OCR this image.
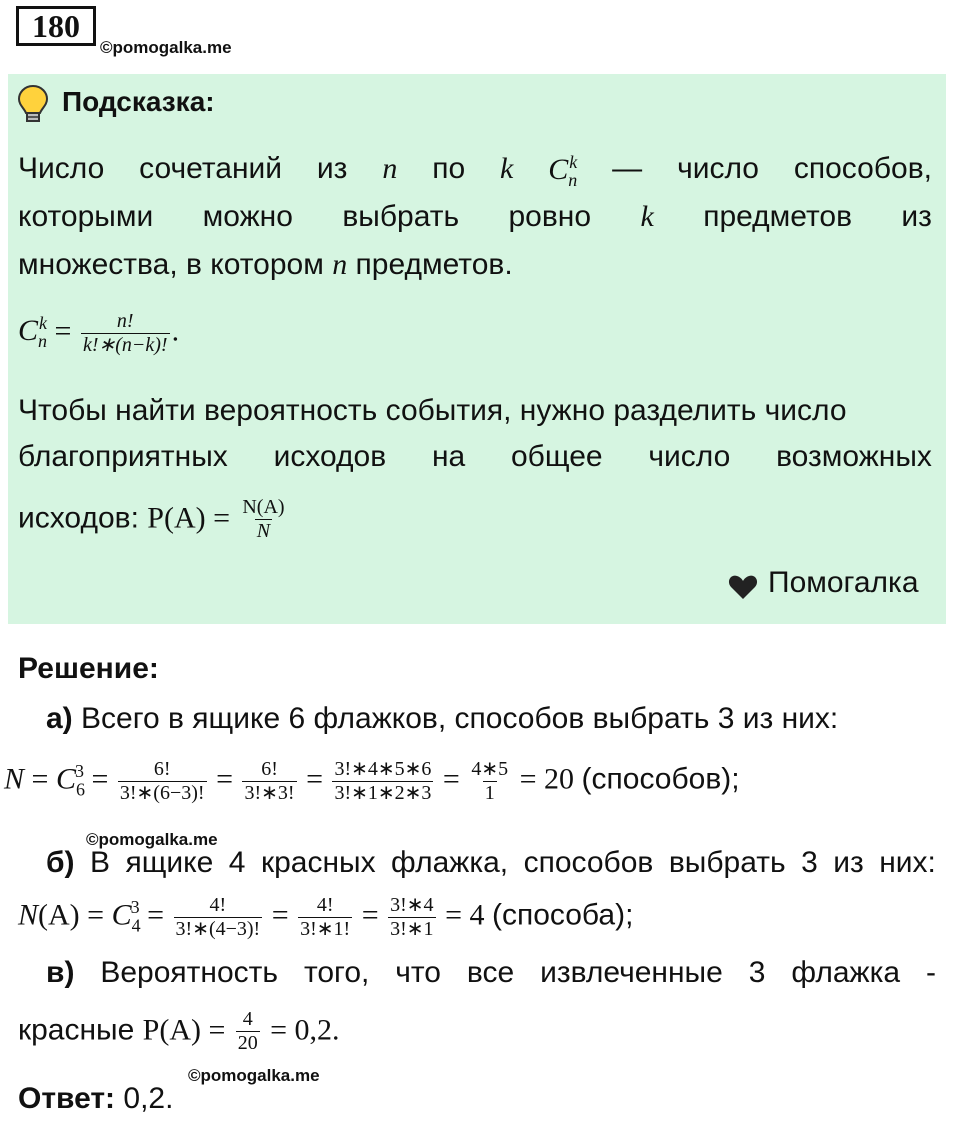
180
©pomogalka.me
Подсказка:
Число сочетаний из n по k $C_n^k$ — число способов,
которыми можно выбрать ровно k предметов из
множества, в котором n предметов.
$C_n^k = \frac{n!}{k!∗(n-k)!}$ .
Чтобы найти вероятность события, нужно разделить число
благоприятных исходов на общее число возможных
исходов: $P(A) = \frac{N(A)}{N}$
Помогалка
Решение:
а) Всего в ящике 6 флажков, способов выбрать 3 из них:
$N = C_6^3 = \frac{6!}{3!∗(6-3)!} = \frac{6!}{3!∗3!} = \frac{3!∗4∗5∗6}{3!∗1∗2∗3} = \frac{4∗5}{1} = 20$ (способов);
©pomogalka.me
б) В ящике 4 красных флажка, способов выбрать 3 из них:
$N(A) = C_4^3 = \frac{4!}{3!∗(4-3)!} = \frac{4!}{3!∗1!} = \frac{3!∗4}{3!∗1} = 4$ (способа);
в) Вероятность того, что все извлеченные 3 флажка -
красные $P(A) = \frac{4}{20} = 0,2$.
Ответ: 0,2.
©pomogalka.me
